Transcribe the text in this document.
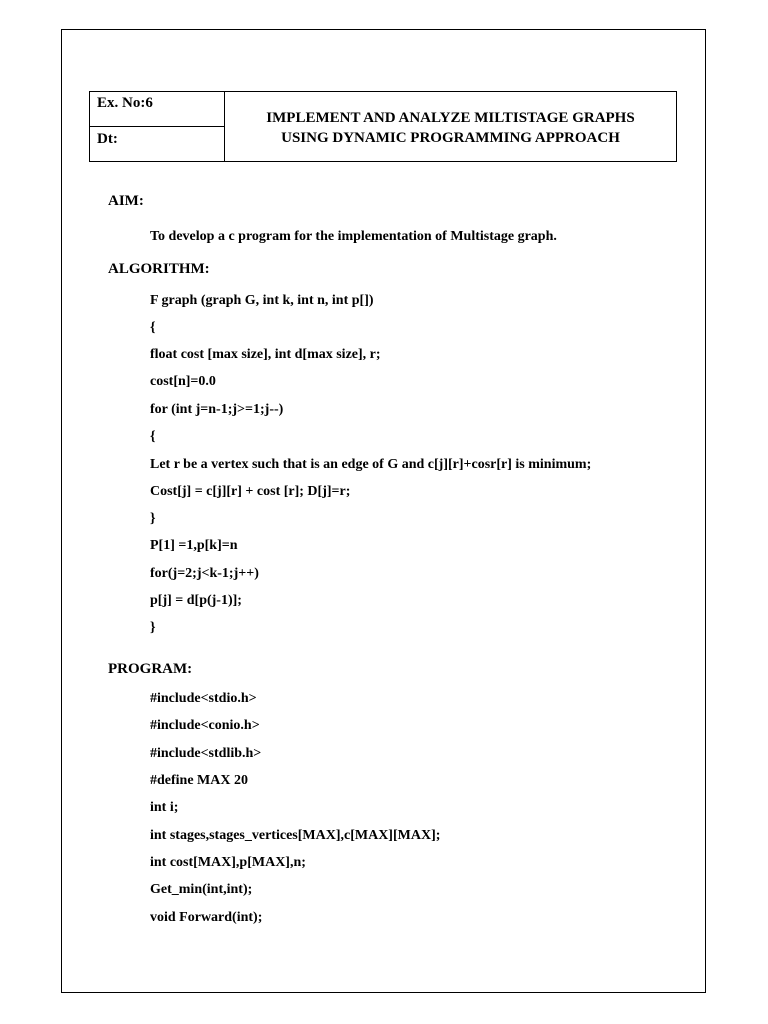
Ex. No:6
Dt:
IMPLEMENT AND ANALYZE MILTISTAGE GRAPHS
USING DYNAMIC PROGRAMMING APPROACH
AIM:
To develop a c program for the implementation of Multistage graph.
ALGORITHM:
F graph (graph G, int k, int n, int p[])
{
float cost [max size], int d[max size], r;
cost[n]=0.0
for (int j=n-1;j>=1;j--)
{
Let r be a vertex such that is an edge of G and c[j][r]+cosr[r] is minimum;
Cost[j] = c[j][r] + cost [r]; D[j]=r;
}
P[1] =1,p[k]=n
for(j=2;j<k-1;j++)
p[j] = d[p(j-1)];
}
PROGRAM:
#include<stdio.h>
#include<conio.h>
#include<stdlib.h>
#define MAX 20
int i;
int stages,stages_vertices[MAX],c[MAX][MAX];
int cost[MAX],p[MAX],n;
Get_min(int,int);
void Forward(int);
